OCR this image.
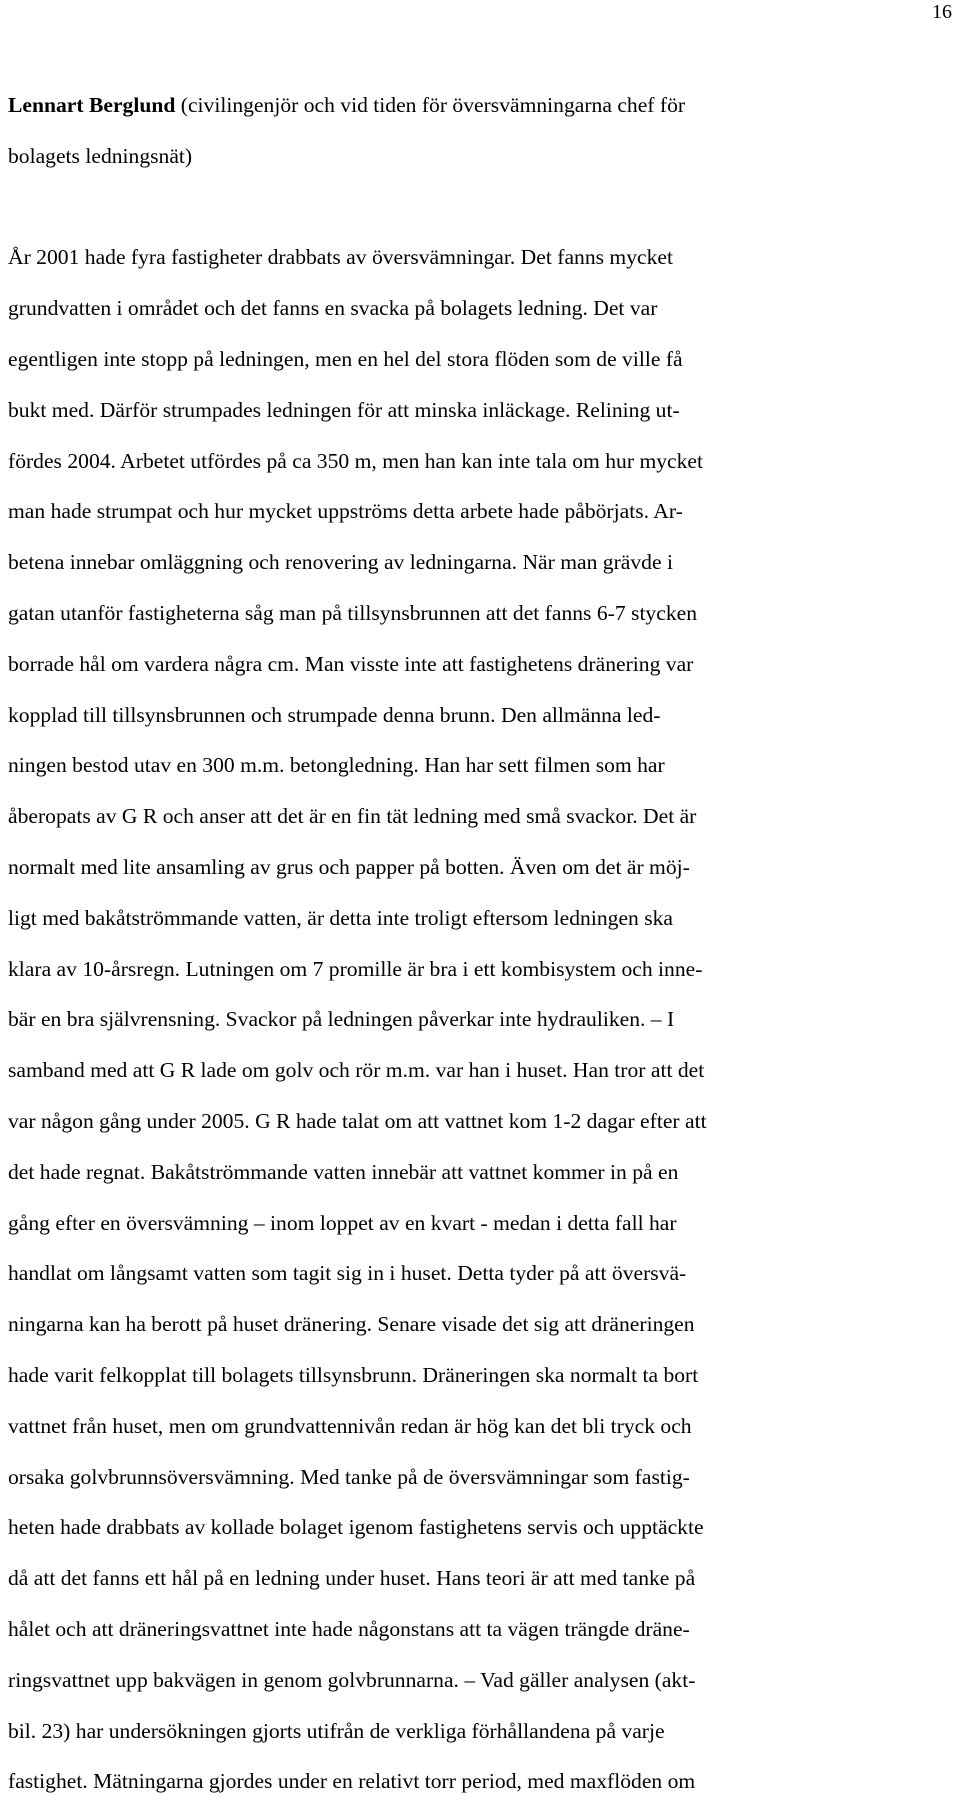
16
Lennart Berglund (civilingenjör och vid tiden för översvämningarna chef för
bolagets ledningsnät)
År 2001 hade fyra fastigheter drabbats av översvämningar. Det fanns mycket
grundvatten i området och det fanns en svacka på bolagets ledning. Det var
egentligen inte stopp på ledningen, men en hel del stora flöden som de ville få
bukt med. Därför strumpades ledningen för att minska inläckage. Relining ut-
fördes 2004. Arbetet utfördes på ca 350 m, men han kan inte tala om hur mycket
man hade strumpat och hur mycket uppströms detta arbete hade påbörjats. Ar-
betena innebar omläggning och renovering av ledningarna. När man grävde i
gatan utanför fastigheterna såg man på tillsynsbrunnen att det fanns 6-7 stycken
borrade hål om vardera några cm. Man visste inte att fastighetens dränering var
kopplad till tillsynsbrunnen och strumpade denna brunn. Den allmänna led-
ningen bestod utav en 300 m.m. betongledning. Han har sett filmen som har
åberopats av G R och anser att det är en fin tät ledning med små svackor. Det är
normalt med lite ansamling av grus och papper på botten. Även om det är möj-
ligt med bakåtströmmande vatten, är detta inte troligt eftersom ledningen ska
klara av 10-årsregn. Lutningen om 7 promille är bra i ett kombisystem och inne-
bär en bra självrensning. Svackor på ledningen påverkar inte hydrauliken. – I
samband med att G R lade om golv och rör m.m. var han i huset. Han tror att det
var någon gång under 2005. G R hade talat om att vattnet kom 1-2 dagar efter att
det hade regnat. Bakåtströmmande vatten innebär att vattnet kommer in på en
gång efter en översvämning – inom loppet av en kvart - medan i detta fall har
handlat om långsamt vatten som tagit sig in i huset. Detta tyder på att översvä-
ningarna kan ha berott på huset dränering. Senare visade det sig att dräneringen
hade varit felkopplat till bolagets tillsynsbrunn. Dräneringen ska normalt ta bort
vattnet från huset, men om grundvattennivån redan är hög kan det bli tryck och
orsaka golvbrunnsöversvämning. Med tanke på de översvämningar som fastig-
heten hade drabbats av kollade bolaget igenom fastighetens servis och upptäckte
då att det fanns ett hål på en ledning under huset. Hans teori är att med tanke på
hålet och att dräneringsvattnet inte hade någonstans att ta vägen trängde dräne-
ringsvattnet upp bakvägen in genom golvbrunnarna. – Vad gäller analysen (akt-
bil. 23) har undersökningen gjorts utifrån de verkliga förhållandena på varje
fastighet. Mätningarna gjordes under en relativt torr period, med maxflöden om
